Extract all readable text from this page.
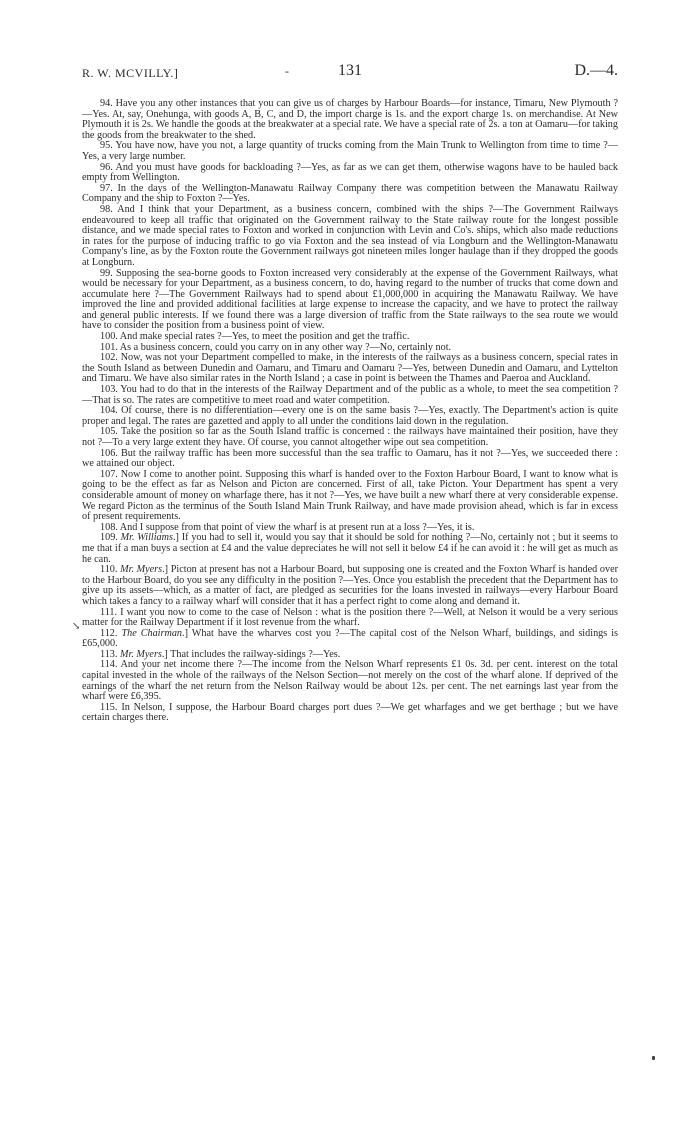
R. W. MCVILLY.]	-	131	D.—4.

94. Have you any other instances that you can give us of charges by Harbour Boards—for instance, Timaru, New Plymouth ?—Yes. At, say, Onehunga, with goods A, B, C, and D, the import charge is 1s. and the export charge 1s. on merchandise. At New Plymouth it is 2s. We handle the goods at the breakwater at a special rate. We have a special rate of 2s. a ton at Oamaru—for taking the goods from the breakwater to the shed.

95. You have now, have you not, a large quantity of trucks coming from the Main Trunk to Wellington from time to time ?—Yes, a very large number.

96. And you must have goods for backloading ?—Yes, as far as we can get them, otherwise wagons have to be hauled back empty from Wellington.

97. In the days of the Wellington-Manawatu Railway Company there was competition between the Manawatu Railway Company and the ship to Foxton ?—Yes.

98. And I think that your Department, as a business concern, combined with the ships ?—The Government Railways endeavoured to keep all traffic that originated on the Government railway to the State railway route for the longest possible distance, and we made special rates to Foxton and worked in conjunction with Levin and Co's. ships, which also made reductions in rates for the purpose of inducing traffic to go via Foxton and the sea instead of via Longburn and the Wellington-Manawatu Company's line, as by the Foxton route the Government railways got nineteen miles longer haulage than if they dropped the goods at Longburn.

99. Supposing the sea-borne goods to Foxton increased very considerably at the expense of the Government Railways, what would be necessary for your Department, as a business concern, to do, having regard to the number of trucks that come down and accumulate here ?—The Government Railways had to spend about £1,000,000 in acquiring the Manawatu Railway. We have improved the line and provided additional facilities at large expense to increase the capacity, and we have to protect the railway and general public interests. If we found there was a large diversion of traffic from the State railways to the sea route we would have to consider the position from a business point of view.

100. And make special rates ?—Yes, to meet the position and get the traffic.

101. As a business concern, could you carry on in any other way ?—No, certainly not.

102. Now, was not your Department compelled to make, in the interests of the railways as a business concern, special rates in the South Island as between Dunedin and Oamaru, and Timaru and Oamaru ?—Yes, between Dunedin and Oamaru, and Lyttelton and Timaru. We have also similar rates in the North Island ; a case in point is between the Thames and Paeroa and Auckland.

103. You had to do that in the interests of the Railway Department and of the public as a whole, to meet the sea competition ?—That is so. The rates are competitive to meet road and water competition.

104. Of course, there is no differentiation—every one is on the same basis ?—Yes, exactly. The Department's action is quite proper and legal. The rates are gazetted and apply to all under the conditions laid down in the regulation.

105. Take the position so far as the South Island traffic is concerned : the railways have maintained their position, have they not ?—To a very large extent they have. Of course, you cannot altogether wipe out sea competition.

106. But the railway traffic has been more successful than the sea traffic to Oamaru, has it not ?—Yes, we succeeded there : we attained our object.

107. Now I come to another point. Supposing this wharf is handed over to the Foxton Harbour Board, I want to know what is going to be the effect as far as Nelson and Picton are concerned. First of all, take Picton. Your Department has spent a very considerable amount of money on wharfage there, has it not ?—Yes, we have built a new wharf there at very considerable expense. We regard Picton as the terminus of the South Island Main Trunk Railway, and have made provision ahead, which is far in excess of present requirements.

108. And I suppose from that point of view the wharf is at present run at a loss ?—Yes, it is.

109. Mr. Williams.] If you had to sell it, would you say that it should be sold for nothing ?—No, certainly not ; but it seems to me that if a man buys a section at £4 and the value depreciates he will not sell it below £4 if he can avoid it : he will get as much as he can.

110. Mr. Myers.] Picton at present has not a Harbour Board, but supposing one is created and the Foxton Wharf is handed over to the Harbour Board, do you see any difficulty in the position ?—Yes. Once you establish the precedent that the Department has to give up its assets—which, as a matter of fact, are pledged as securities for the loans invested in railways—every Harbour Board which takes a fancy to a railway wharf will consider that it has a perfect right to come along and demand it.

111. I want you now to come to the case of Nelson : what is the position there ?—Well, at Nelson it would be a very serious matter for the Railway Department if it lost revenue from the wharf.

112. The Chairman.] What have the wharves cost you ?—The capital cost of the Nelson Wharf, buildings, and sidings is £65,000.

113. Mr. Myers.] That includes the railway-sidings ?—Yes.

114. And your net income there ?—The income from the Nelson Wharf represents £1 0s. 3d. per cent. interest on the total capital invested in the whole of the railways of the Nelson Section—not merely on the cost of the wharf alone. If deprived of the earnings of the wharf the net return from the Nelson Railway would be about 12s. per cent. The net earnings last year from the wharf were £6,395.

115. In Nelson, I suppose, the Harbour Board charges port dues ?—We get wharfages and we get berthage ; but we have certain charges there.

↘
